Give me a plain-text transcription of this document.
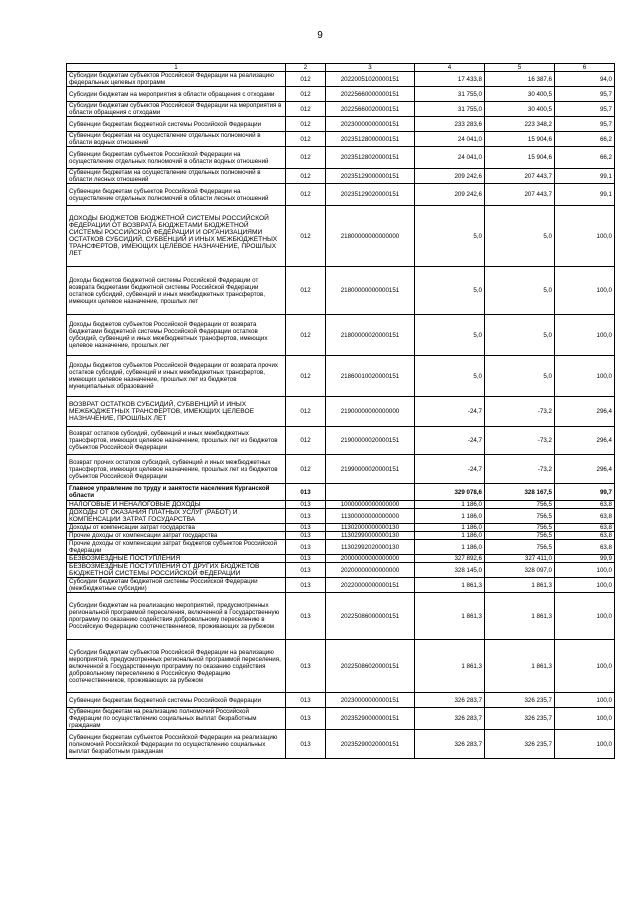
9
1	2	3	4	5	6
Субсидии бюджетам субъектов Российской Федерации на реализацию федеральных целевых программ	012	20220051020000151	17 433,8	16 387,6	94,0
Субсидии бюджетам на мероприятия в области обращения с отходами	012	20225660000000151	31 755,0	30 400,5	95,7
Субсидии бюджетам субъектов Российской Федерации на мероприятия в области обращения с отходами	012	20225660020000151	31 755,0	30 400,5	95,7
Субвенции бюджетам бюджетной системы Российской Федерации	012	20230000000000151	233 283,6	223 348,2	95,7
Субвенции бюджетам на осуществление отдельных полномочий в области водных отношений	012	20235128000000151	24 041,0	15 904,6	66,2
Субвенции бюджетам субъектов Российской Федерации на осуществление отдельных полномочий в области водных отношений	012	20235128020000151	24 041,0	15 904,6	66,2
Субвенции бюджетам на осуществление отдельных полномочий в области лесных отношений	012	20235129000000151	209 242,6	207 443,7	99,1
Субвенции бюджетам субъектов Российской Федерации на осуществление отдельных полномочий в области лесных отношений	012	20235129020000151	209 242,6	207 443,7	99,1
ДОХОДЫ БЮДЖЕТОВ БЮДЖЕТНОЙ СИСТЕМЫ РОССИЙСКОЙ ФЕДЕРАЦИИ ОТ ВОЗВРАТА БЮДЖЕТАМИ БЮДЖЕТНОЙ СИСТЕМЫ РОССИЙСКОЙ ФЕДЕРАЦИИ И ОРГАНИЗАЦИЯМИ ОСТАТКОВ СУБСИДИЙ, СУБВЕНЦИЙ И ИНЫХ МЕЖБЮДЖЕТНЫХ ТРАНСФЕРТОВ, ИМЕЮЩИХ ЦЕЛЕВОЕ НАЗНАЧЕНИЕ, ПРОШЛЫХ ЛЕТ	012	21800000000000000	5,0	5,0	100,0
Доходы бюджетов бюджетной системы Российской Федерации от возврата бюджетами бюджетной системы Российской Федерации остатков субсидий, субвенций и иных межбюджетных трансфертов, имеющих целевое назначение, прошлых лет	012	21800000000000151	5,0	5,0	100,0
Доходы бюджетов субъектов Российской Федерации от возврата бюджетами бюджетной системы Российской Федерации остатков субсидий, субвенций и иных межбюджетных трансфертов, имеющих целевое назначение, прошлых лет	012	21800000020000151	5,0	5,0	100,0
Доходы бюджетов субъектов Российской Федерации от возврата прочих остатков субсидий, субвенций и иных межбюджетных трансфертов, имеющих целевое назначение, прошлых лет из бюджетов муниципальных образований	012	21860010020000151	5,0	5,0	100,0
ВОЗВРАТ ОСТАТКОВ СУБСИДИЙ, СУБВЕНЦИЙ И ИНЫХ МЕЖБЮДЖЕТНЫХ ТРАНСФЕРТОВ, ИМЕЮЩИХ ЦЕЛЕВОЕ НАЗНАЧЕНИЕ, ПРОШЛЫХ ЛЕТ	012	21900000000000000	-24,7	-73,2	296,4
Возврат остатков субсидий, субвенций и иных межбюджетных трансфертов, имеющих целевое назначение, прошлых лет из бюджетов субъектов Российской Федерации	012	21900000020000151	-24,7	-73,2	296,4
Возврат прочих остатков субсидий, субвенций и иных межбюджетных трансфертов, имеющих целевое назначение, прошлых лет из бюджетов субъектов Российской Федерации	012	21990000020000151	-24,7	-73,2	296,4
Главное управление по труду и занятости населения Курганской области	013		329 078,6	328 167,5	99,7
НАЛОГОВЫЕ И НЕНАЛОГОВЫЕ ДОХОДЫ	013	10000000000000000	1 186,0	756,5	63,8
ДОХОДЫ ОТ ОКАЗАНИЯ ПЛАТНЫХ УСЛУГ (РАБОТ) И КОМПЕНСАЦИИ ЗАТРАТ ГОСУДАРСТВА	013	11300000000000000	1 186,0	756,5	63,8
Доходы от компенсации затрат государства	013	11302000000000130	1 186,0	756,5	63,8
Прочие доходы от компенсации затрат государства	013	11302990000000130	1 186,0	756,5	63,8
Прочие доходы от компенсации затрат бюджетов субъектов Российской Федерации	013	11302992020000130	1 186,0	756,5	63,8
БЕЗВОЗМЕЗДНЫЕ ПОСТУПЛЕНИЯ	013	20000000000000000	327 892,6	327 411,0	99,9
БЕЗВОЗМЕЗДНЫЕ ПОСТУПЛЕНИЯ ОТ ДРУГИХ БЮДЖЕТОВ БЮДЖЕТНОЙ СИСТЕМЫ РОССИЙСКОЙ ФЕДЕРАЦИИ	013	20200000000000000	328 145,0	328 097,0	100,0
Субсидии бюджетам бюджетной системы Российской Федерации (межбюджетные субсидии)	013	20220000000000151	1 861,3	1 861,3	100,0
Субсидии бюджетам на реализацию мероприятий, предусмотренных региональной программой переселения, включенной в Государственную программу по оказанию содействия добровольному переселению в Российскую Федерацию соотечественников, проживающих за рубежом	013	20225086000000151	1 861,3	1 861,3	100,0
Субсидии бюджетам субъектов Российской Федерации на реализацию мероприятий, предусмотренных региональной программой переселения, включенной в Государственную программу по оказанию содействия добровольному переселению в Российскую Федерацию соотечественников, проживающих за рубежом	013	20225086020000151	1 861,3	1 861,3	100,0
Субвенции бюджетам бюджетной системы Российской Федерации	013	20230000000000151	326 283,7	326 235,7	100,0
Субвенции бюджетам на реализацию полномочий Российской Федерации по осуществлению социальных выплат безработным гражданам	013	20235290000000151	326 283,7	326 235,7	100,0
Субвенции бюджетам субъектов Российской Федерации на реализацию полномочий Российской Федерации по осуществлению социальных выплат безработным гражданам	013	20235290020000151	326 283,7	326 235,7	100,0
